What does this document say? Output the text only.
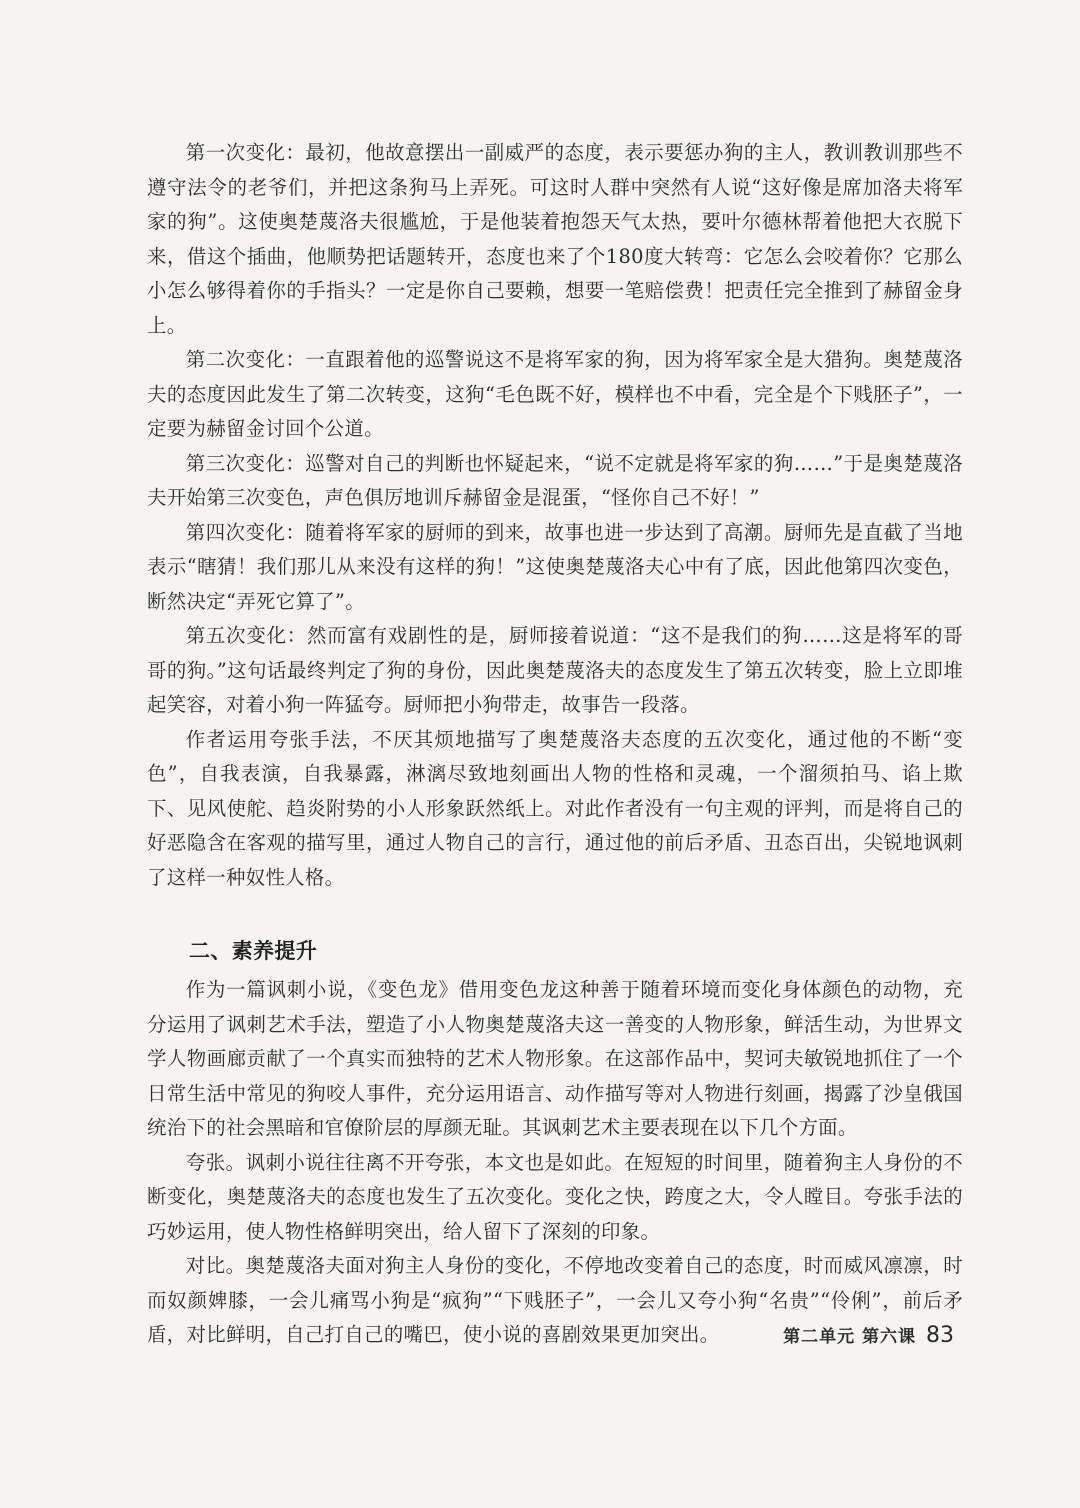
第一次变化：最初，他故意摆出一副威严的态度，表示要惩办狗的主人，教训教训那些不遵守法令的老爷们，并把这条狗马上弄死。可这时人群中突然有人说“这好像是席加洛夫将军家的狗”。这使奥楚蔑洛夫很尴尬，于是他装着抱怨天气太热，要叶尔德林帮着他把大衣脱下来，借这个插曲，他顺势把话题转开，态度也来了个180度大转弯：它怎么会咬着你？它那么小怎么够得着你的手指头？一定是你自己要赖，想要一笔赔偿费！把责任完全推到了赫留金身上。

第二次变化：一直跟着他的巡警说这不是将军家的狗，因为将军家全是大猎狗。奥楚蔑洛夫的态度因此发生了第二次转变，这狗“毛色既不好，模样也不中看，完全是个下贱胚子”，一定要为赫留金讨回个公道。

第三次变化：巡警对自己的判断也怀疑起来，“说不定就是将军家的狗……”于是奥楚蔑洛夫开始第三次变色，声色俱厉地训斥赫留金是混蛋，“怪你自己不好！”

第四次变化：随着将军家的厨师的到来，故事也进一步达到了高潮。厨师先是直截了当地表示“瞎猜！我们那儿从来没有这样的狗！”这使奥楚蔑洛夫心中有了底，因此他第四次变色，断然决定“弄死它算了”。

第五次变化：然而富有戏剧性的是，厨师接着说道：“这不是我们的狗……这是将军的哥哥的狗。”这句话最终判定了狗的身份，因此奥楚蔑洛夫的态度发生了第五次转变，脸上立即堆起笑容，对着小狗一阵猛夸。厨师把小狗带走，故事告一段落。

作者运用夸张手法，不厌其烦地描写了奥楚蔑洛夫态度的五次变化，通过他的不断“变色”，自我表演，自我暴露，淋漓尽致地刻画出人物的性格和灵魂，一个溜须拍马、谄上欺下、见风使舵、趋炎附势的小人形象跃然纸上。对此作者没有一句主观的评判，而是将自己的好恶隐含在客观的描写里，通过人物自己的言行，通过他的前后矛盾、丑态百出，尖锐地讽刺了这样一种奴性人格。

二、素养提升

作为一篇讽刺小说，《变色龙》借用变色龙这种善于随着环境而变化身体颜色的动物，充分运用了讽刺艺术手法，塑造了小人物奥楚蔑洛夫这一善变的人物形象，鲜活生动，为世界文学人物画廊贡献了一个真实而独特的艺术人物形象。在这部作品中，契诃夫敏锐地抓住了一个日常生活中常见的狗咬人事件，充分运用语言、动作描写等对人物进行刻画，揭露了沙皇俄国统治下的社会黑暗和官僚阶层的厚颜无耻。其讽刺艺术主要表现在以下几个方面。

夸张。讽刺小说往往离不开夸张，本文也是如此。在短短的时间里，随着狗主人身份的不断变化，奥楚蔑洛夫的态度也发生了五次变化。变化之快，跨度之大，令人瞠目。夸张手法的巧妙运用，使人物性格鲜明突出，给人留下了深刻的印象。

对比。奥楚蔑洛夫面对狗主人身份的变化，不停地改变着自己的态度，时而威风凛凛，时而奴颜婢膝，一会儿痛骂小狗是“疯狗”“下贱胚子”，一会儿又夸小狗“名贵”“伶俐”，前后矛盾，对比鲜明，自己打自己的嘴巴，使小说的喜剧效果更加突出。	第二单元 第六课 83
